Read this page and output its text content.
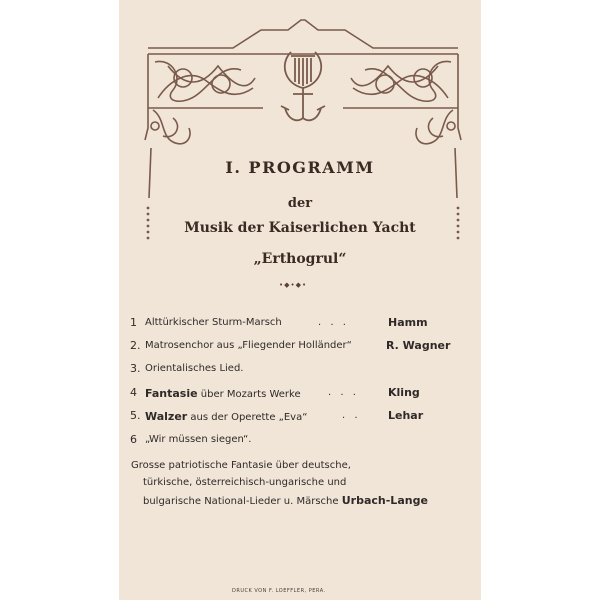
I. PROGRAMM
der
Musik der Kaiserlichen Yacht
„Erthogrul“
•◆•◆•
1 Alttürkischer Sturm-Marsch	. . .	Hamm
2. Matrosenchor aus „Fliegender Holländer“	R. Wagner
3. Orientalisches Lied.
4 Fantasie über Mozarts Werke	. . .	Kling
5. Walzer aus der Operette „Eva“	. . Lehar
6 „Wir müssen siegen“.
Grosse patriotische Fantasie über deutsche,
türkische, österreichisch-ungarische und
bulgarische National-Lieder u. Märsche Urbach-Lange
DRUCK VON F. LOEFFLER, PERA.
